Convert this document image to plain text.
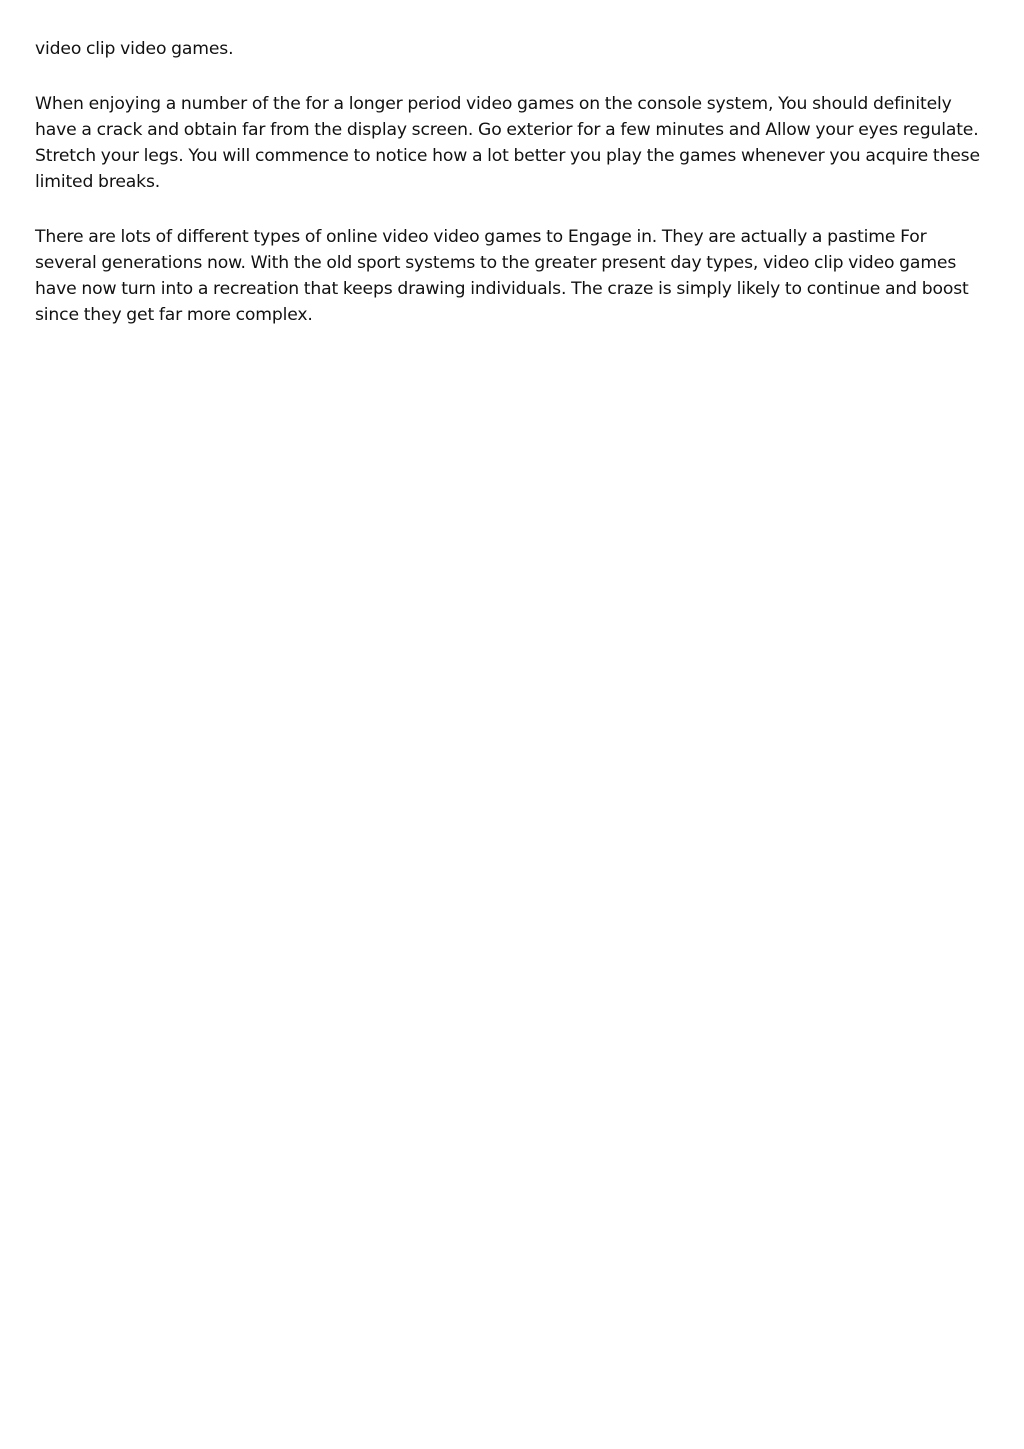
video clip video games.

When enjoying a number of the for a longer period video games on the console system, You should definitely have a crack and obtain far from the display screen. Go exterior for a few minutes and Allow your eyes regulate. Stretch your legs. You will commence to notice how a lot better you play the games whenever you acquire these limited breaks.

There are lots of different types of online video video games to Engage in. They are actually a pastime For several generations now. With the old sport systems to the greater present day types, video clip video games have now turn into a recreation that keeps drawing individuals. The craze is simply likely to continue and boost since they get far more complex.
